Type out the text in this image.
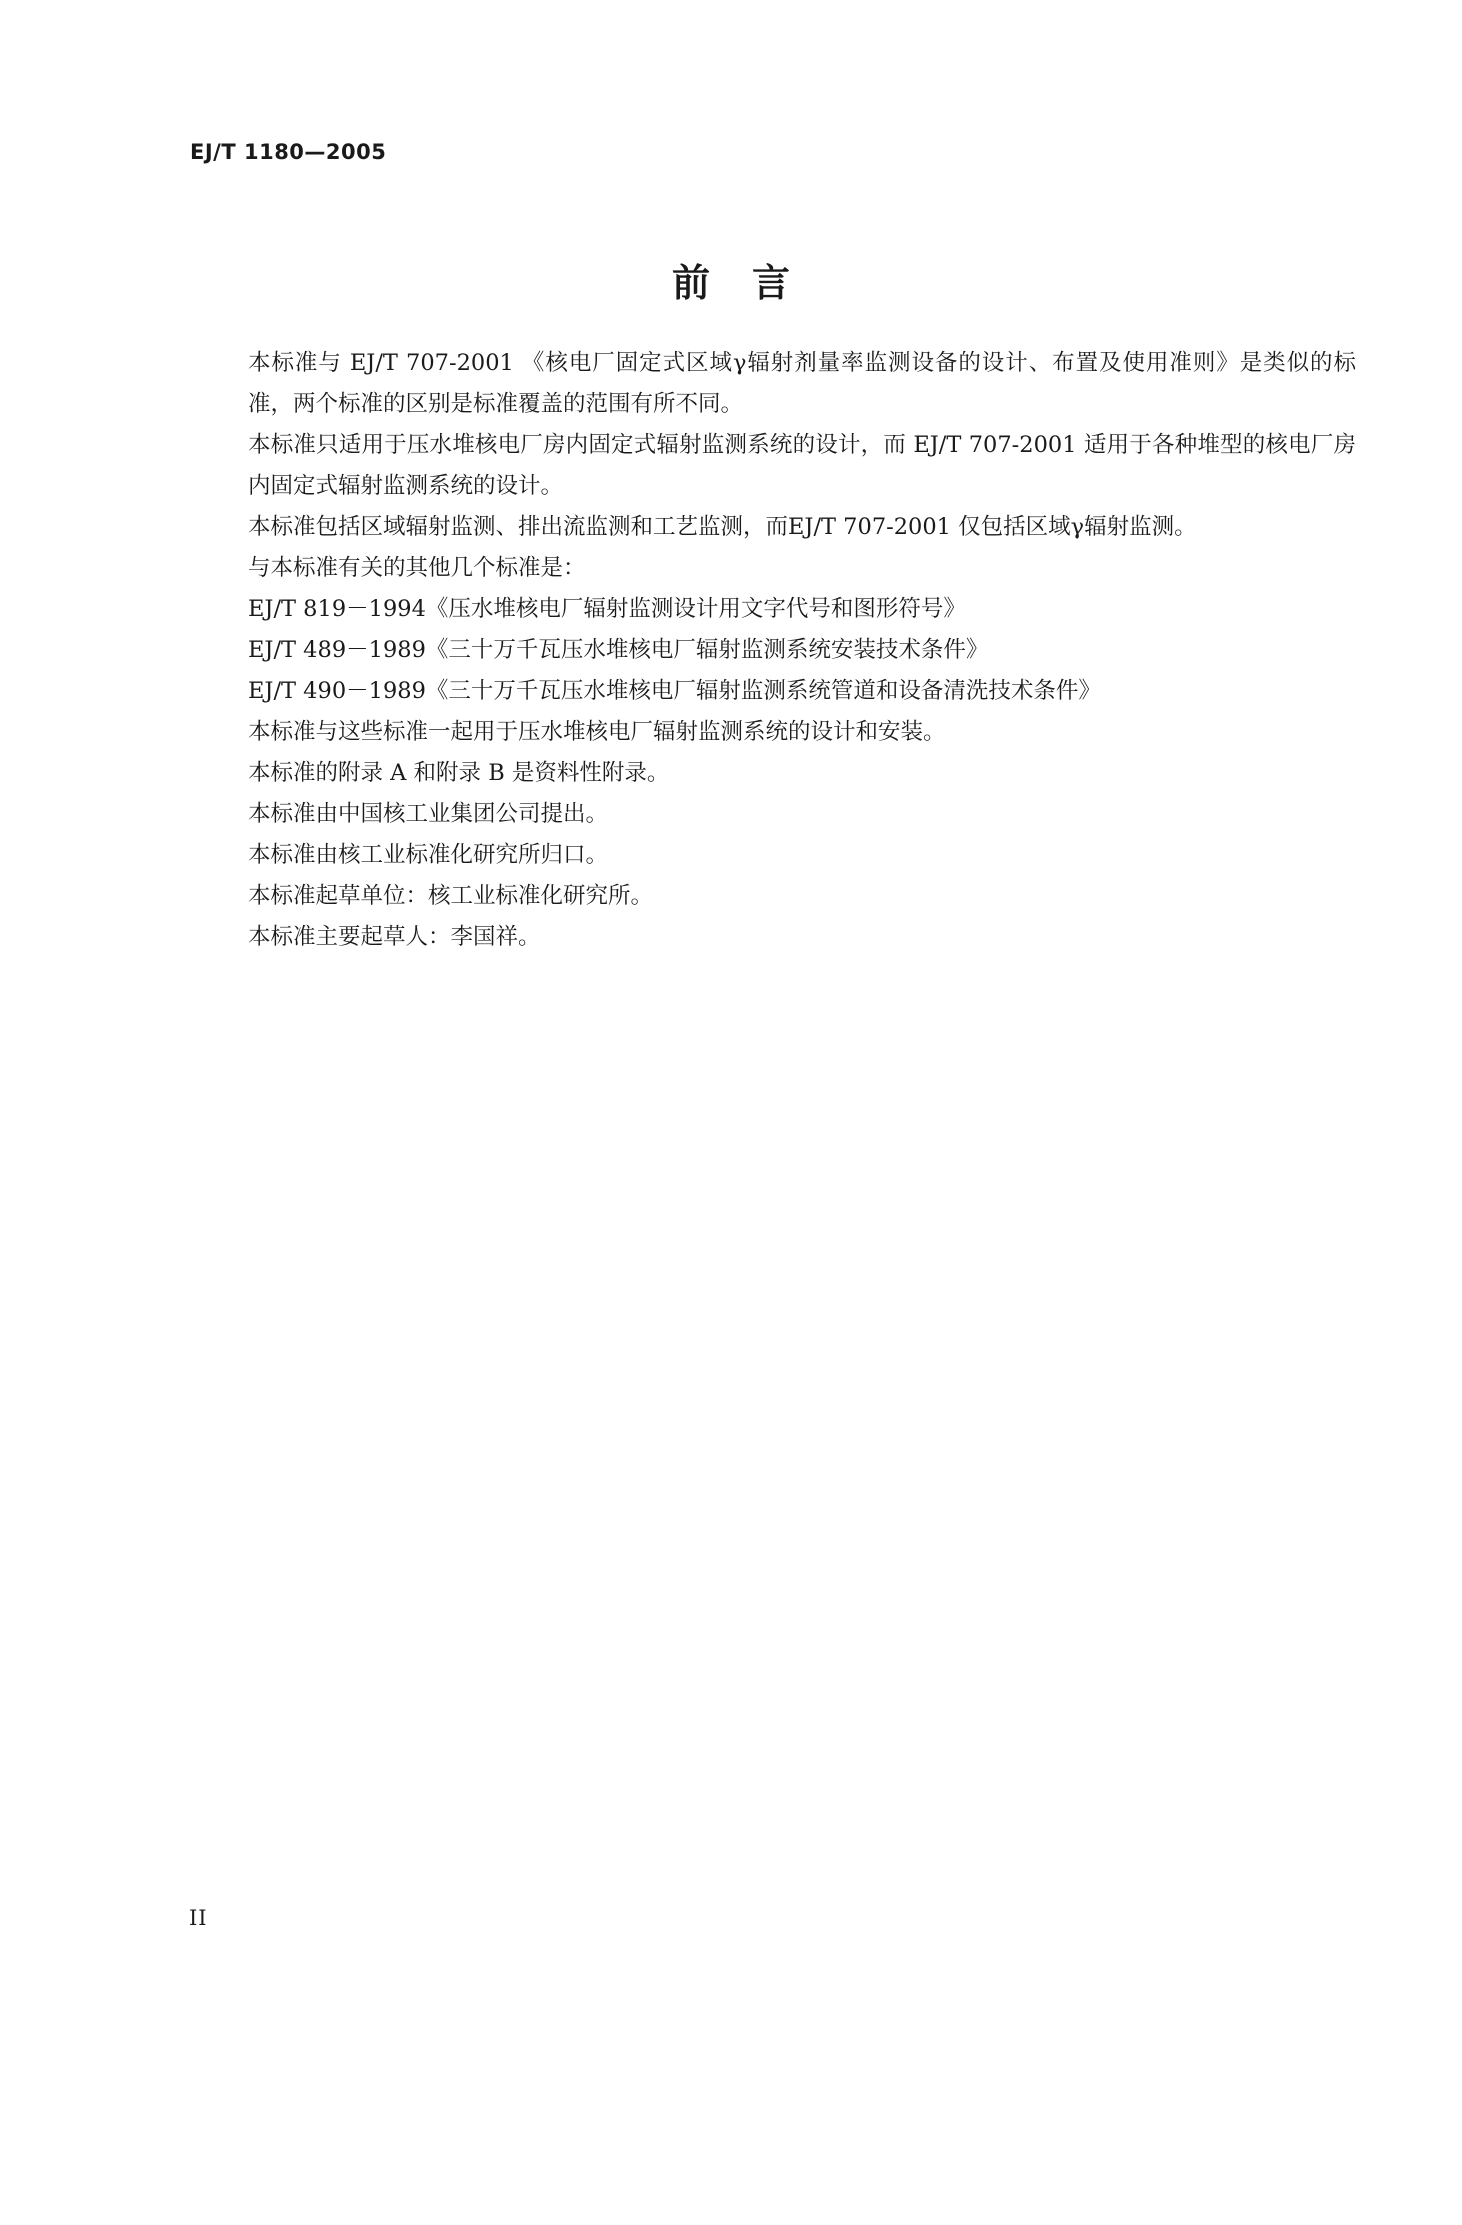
EJ/T 1180—2005
前言

本标准与 EJ/T 707-2001 《核电厂固定式区域γ辐射剂量率监测设备的设计、布置及使用准则》是类似的标准，两个标准的区别是标准覆盖的范围有所不同。

本标准只适用于压水堆核电厂房内固定式辐射监测系统的设计，而 EJ/T 707-2001 适用于各种堆型的核电厂房内固定式辐射监测系统的设计。

本标准包括区域辐射监测、排出流监测和工艺监测，而EJ/T 707-2001 仅包括区域γ辐射监测。

与本标准有关的其他几个标准是：

EJ/T 819－1994《压水堆核电厂辐射监测设计用文字代号和图形符号》

EJ/T 489－1989《三十万千瓦压水堆核电厂辐射监测系统安装技术条件》

EJ/T 490－1989《三十万千瓦压水堆核电厂辐射监测系统管道和设备清洗技术条件》

本标准与这些标准一起用于压水堆核电厂辐射监测系统的设计和安装。

本标准的附录 A 和附录 B 是资料性附录。

本标准由中国核工业集团公司提出。

本标准由核工业标准化研究所归口。

本标准起草单位：核工业标准化研究所。

本标准主要起草人：李国祥。

II
